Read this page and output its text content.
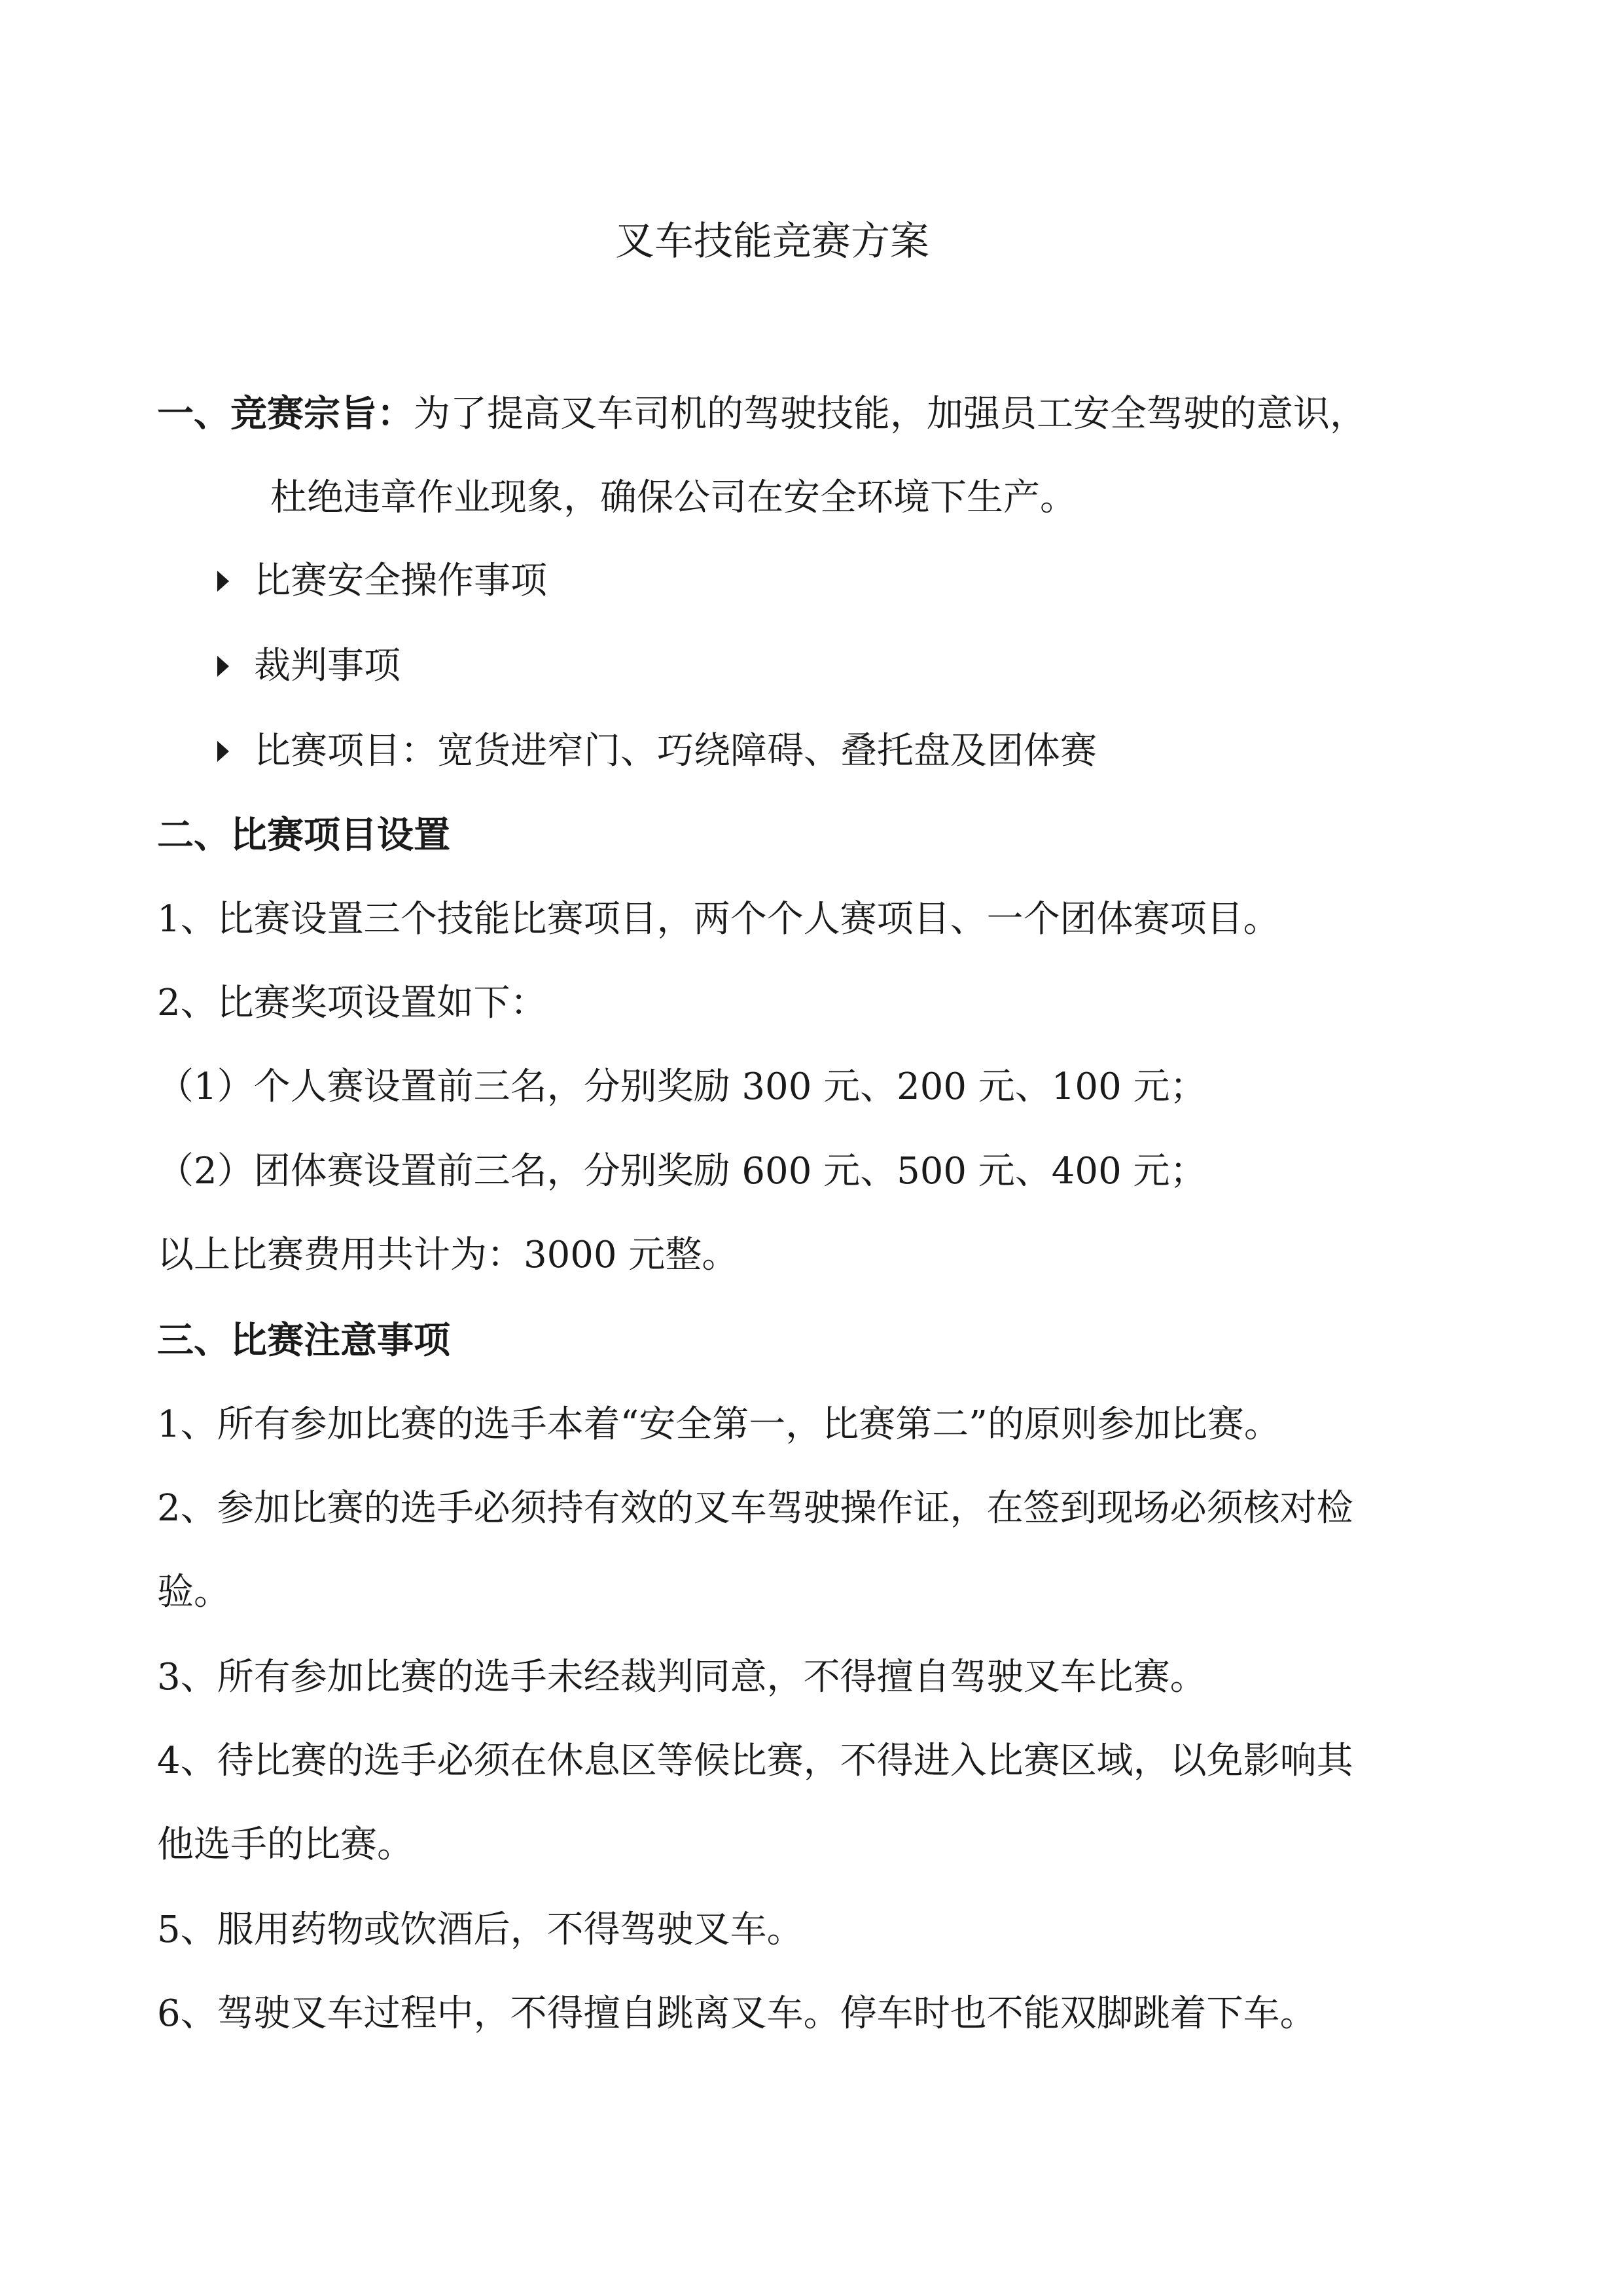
叉车技能竞赛方案
一、竞赛宗旨：为了提高叉车司机的驾驶技能，加强员工安全驾驶的意识，
杜绝违章作业现象，确保公司在安全环境下生产。
比赛安全操作事项
裁判事项
比赛项目：宽货进窄门、巧绕障碍、叠托盘及团体赛
二、比赛项目设置
1、比赛设置三个技能比赛项目，两个个人赛项目、一个团体赛项目。
2、比赛奖项设置如下：
（1）个人赛设置前三名，分别奖励 300 元、200 元、100 元；
（2）团体赛设置前三名，分别奖励 600 元、500 元、400 元；
以上比赛费用共计为：3000 元整。
三、比赛注意事项
1、所有参加比赛的选手本着“安全第一，比赛第二”的原则参加比赛。
2、参加比赛的选手必须持有效的叉车驾驶操作证，在签到现场必须核对检
验。
3、所有参加比赛的选手未经裁判同意，不得擅自驾驶叉车比赛。
4、待比赛的选手必须在休息区等候比赛，不得进入比赛区域，以免影响其
他选手的比赛。
5、服用药物或饮酒后，不得驾驶叉车。
6、驾驶叉车过程中，不得擅自跳离叉车。停车时也不能双脚跳着下车。
